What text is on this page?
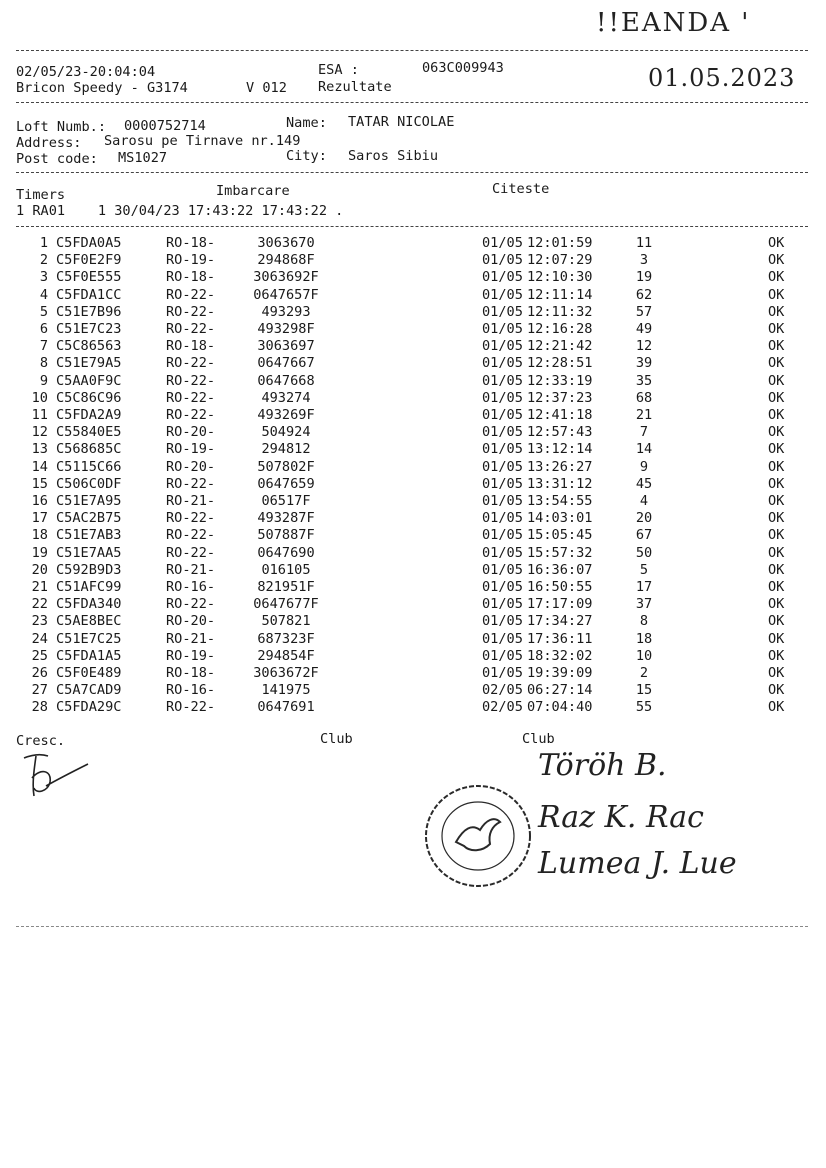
!!EANDA '
02/05/23-20:04:04	ESA :	063C009943
Bricon Speedy - G3174	V 012 Rezultate	01.05.2023
Loft Numb.: 0000752714	Name: TATAR NICOLAE
Address: Sarosu pe Tirnave nr.149
Post code: MS1027	City: Saros Sibiu
Timers	Imbarcare	Citeste
1 RA01    1 30/04/23 17:43:22 17:43:22 .
1 C5FDA0A5	RO-18-	3063670	01/05 12:01:59	11	OK
2 C5F0E2F9	RO-19-	294868F	01/05 12:07:29	3	OK
3 C5F0E555	RO-18-	3063692F	01/05 12:10:30	19	OK
4 C5FDA1CC	RO-22-	0647657F	01/05 12:11:14	62	OK
5 C51E7B96	RO-22-	493293	01/05 12:11:32	57	OK
6 C51E7C23	RO-22-	493298F	01/05 12:16:28	49	OK
7 C5C86563	RO-18-	3063697	01/05 12:21:42	12	OK
8 C51E79A5	RO-22-	0647667	01/05 12:28:51	39	OK
9 C5AA0F9C	RO-22-	0647668	01/05 12:33:19	35	OK
10 C5C86C96	RO-22-	493274	01/05 12:37:23	68	OK
11 C5FDA2A9	RO-22-	493269F	01/05 12:41:18	21	OK
12 C55840E5	RO-20-	504924	01/05 12:57:43	7	OK
13 C568685C	RO-19-	294812	01/05 13:12:14	14	OK
14 C5115C66	RO-20-	507802F	01/05 13:26:27	9	OK
15 C506C0DF	RO-22-	0647659	01/05 13:31:12	45	OK
16 C51E7A95	RO-21-	06517F	01/05 13:54:55	4	OK
17 C5AC2B75	RO-22-	493287F	01/05 14:03:01	20	OK
18 C51E7AB3	RO-22-	507887F	01/05 15:05:45	67	OK
19 C51E7AA5	RO-22-	0647690	01/05 15:57:32	50	OK
20 C592B9D3	RO-21-	016105	01/05 16:36:07	5	OK
21 C51AFC99	RO-16-	821951F	01/05 16:50:55	17	OK
22 C5FDA340	RO-22-	0647677F	01/05 17:17:09	37	OK
23 C5AE8BEC	RO-20-	507821	01/05 17:34:27	8	OK
24 C51E7C25	RO-21-	687323F	01/05 17:36:11	18	OK
25 C5FDA1A5	RO-19-	294854F	01/05 18:32:02	10	OK
26 C5F0E489	RO-18-	3063672F	01/05 19:39:09	2	OK
27 C5A7CAD9	RO-16-	141975	02/05 06:27:14	15	OK
28 C5FDA29C	RO-22-	0647691	02/05 07:04:40	55	OK
Cresc.	Club	Club
Töröh B.
Raz K. Rac
Lumea J. Lue
